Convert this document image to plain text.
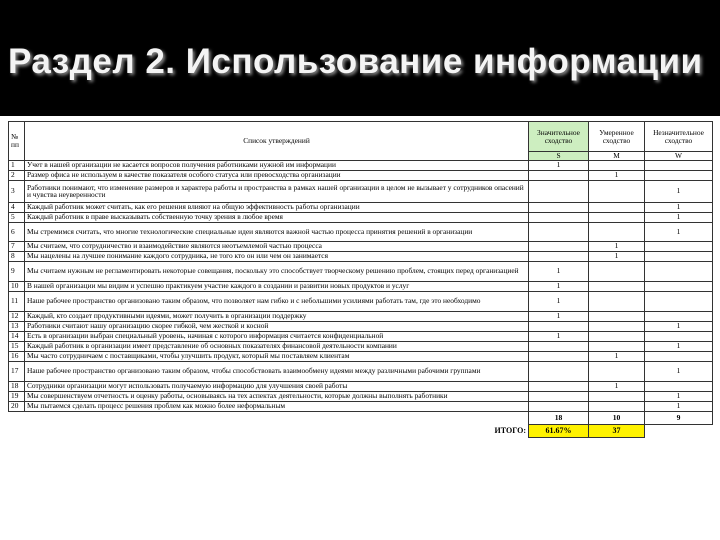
Раздел 2. Использование информации
№ пп	Список утверждений	Значительное сходство	Умеренное сходство	Незначительное сходство
		S	M	W
1	Учет в нашей организации не касается вопросов получения работниками нужной им информации	1		
2	Размер офиса не используем в качестве показателя особого статуса или превосходства организации		1	
3	Работники понимают, что изменение размеров и характера работы и пространства в рамках нашей организации в целом не вызывает у сотрудников опасений и чувства неуверенности			1
4	Каждый работник может считать, как его решения влияют на общую эффективность работы организации			1
5	Каждый работник в праве высказывать собственную точку зрения в любое время			1
6	Мы стремимся считать, что многие технологические специальные идеи являются важной частью процесса принятия решений в организации			1
7	Мы считаем, что сотрудничество и взаимодействие являются неотъемлемой частью процесса		1	
8	Мы нацелены на лучшее понимание каждого сотрудника, не того кто он или чем он занимается		1	
9	Мы считаем нужным не регламентировать некоторые совещания, поскольку это способствует творческому решению проблем, стоящих перед организацией	1		
10	В нашей организации мы видим и успешно практикуем участие каждого в создании и развитии новых продуктов и услуг	1		
11	Наше рабочее пространство организовано таким образом, что позволяет нам гибко и с небольшими усилиями работать там, где это необходимо	1		
12	Каждый, кто создает продуктивными идеями, может получить в организации поддержку	1		
13	Работники считают нашу организацию скорее гибкой, чем жесткой и косной			1
14	Есть в организации выбран специальный уровень, начиная с которого информация считается конфиденциальной	1		
15	Каждый работник в организации имеет представление об основных показателях финансовой деятельности компании			1
16	Мы часто сотрудничаем с поставщиками, чтобы улучшить продукт, который мы поставляем клиентам		1	
17	Наше рабочее пространство организовано таким образом, чтобы способствовать взаимообмену идеями между различными рабочими группами			1
18	Сотрудники организации могут использовать получаемую информацию для улучшения своей работы		1	
19	Мы совершенствуем отчетность и оценку работы, основываясь на тех аспектах деятельности, которые должны выполнять работники			1
20	Мы пытаемся сделать процесс решения проблем как можно более неформальным			1
		18	10	9
	ИТОГО:	61.67%	37	
